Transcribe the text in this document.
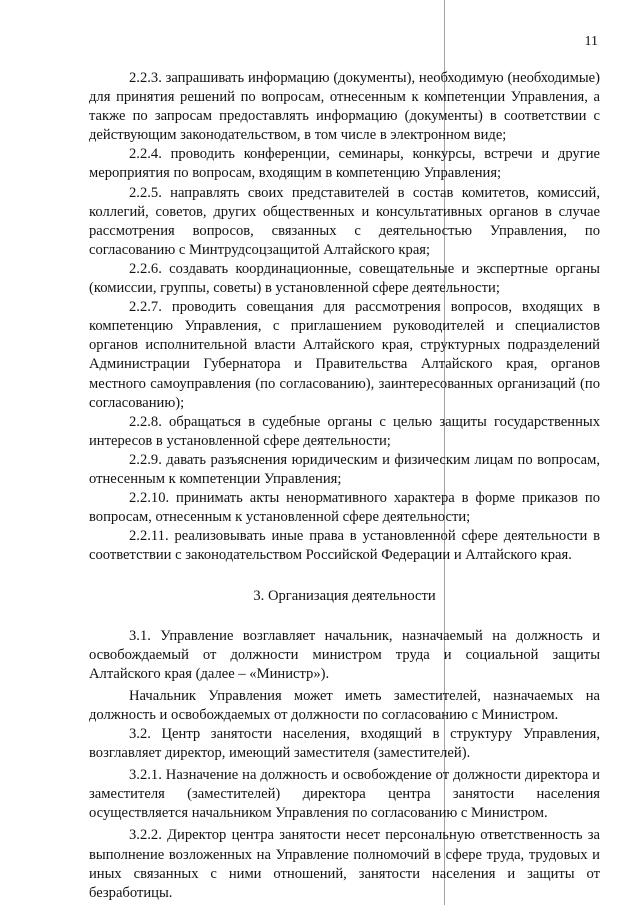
11

2.2.3. запрашивать информацию (документы), необходимую (необходимые) для принятия решений по вопросам, отнесенным к компетенции Управления, а также по запросам предоставлять информацию (документы) в соответствии с действующим законодательством, в том числе в электронном виде;

2.2.4. проводить конференции, семинары, конкурсы, встречи и другие мероприятия по вопросам, входящим в компетенцию Управления;

2.2.5. направлять своих представителей в состав комитетов, комиссий, коллегий, советов, других общественных и консультативных органов в случае рассмотрения вопросов, связанных с деятельностью Управления, по согласованию с Минтрудсоцзащитой Алтайского края;

2.2.6. создавать координационные, совещательные и экспертные органы (комиссии, группы, советы) в установленной сфере деятельности;

2.2.7. проводить совещания для рассмотрения вопросов, входящих в компетенцию Управления, с приглашением руководителей и специалистов органов исполнительной власти Алтайского края, структурных подразделений Администрации Губернатора и Правительства Алтайского края, органов местного самоуправления (по согласованию), заинтересованных организаций (по согласованию);

2.2.8. обращаться в судебные органы с целью защиты государственных интересов в установленной сфере деятельности;

2.2.9. давать разъяснения юридическим и физическим лицам по вопросам, отнесенным к компетенции Управления;

2.2.10. принимать акты ненормативного характера в форме приказов по вопросам, отнесенным к установленной сфере деятельности;

2.2.11. реализовывать иные права в установленной сфере деятельности в соответствии с законодательством Российской Федерации и Алтайского края.

3. Организация деятельности

3.1. Управление возглавляет начальник, назначаемый на должность и освобождаемый от должности министром труда и социальной защиты Алтайского края (далее – «Министр»).

Начальник Управления может иметь заместителей, назначаемых на должность и освобождаемых от должности по согласованию с Министром.

3.2. Центр занятости населения, входящий в структуру Управления, возглавляет директор, имеющий заместителя (заместителей).

3.2.1. Назначение на должность и освобождение от должности директора и заместителя (заместителей) директора центра занятости населения осуществляется начальником Управления по согласованию с Министром.

3.2.2. Директор центра занятости несет персональную ответственность за выполнение возложенных на Управление полномочий в сфере труда, трудовых и иных связанных с ними отношений, занятости населения и защиты от безработицы.
